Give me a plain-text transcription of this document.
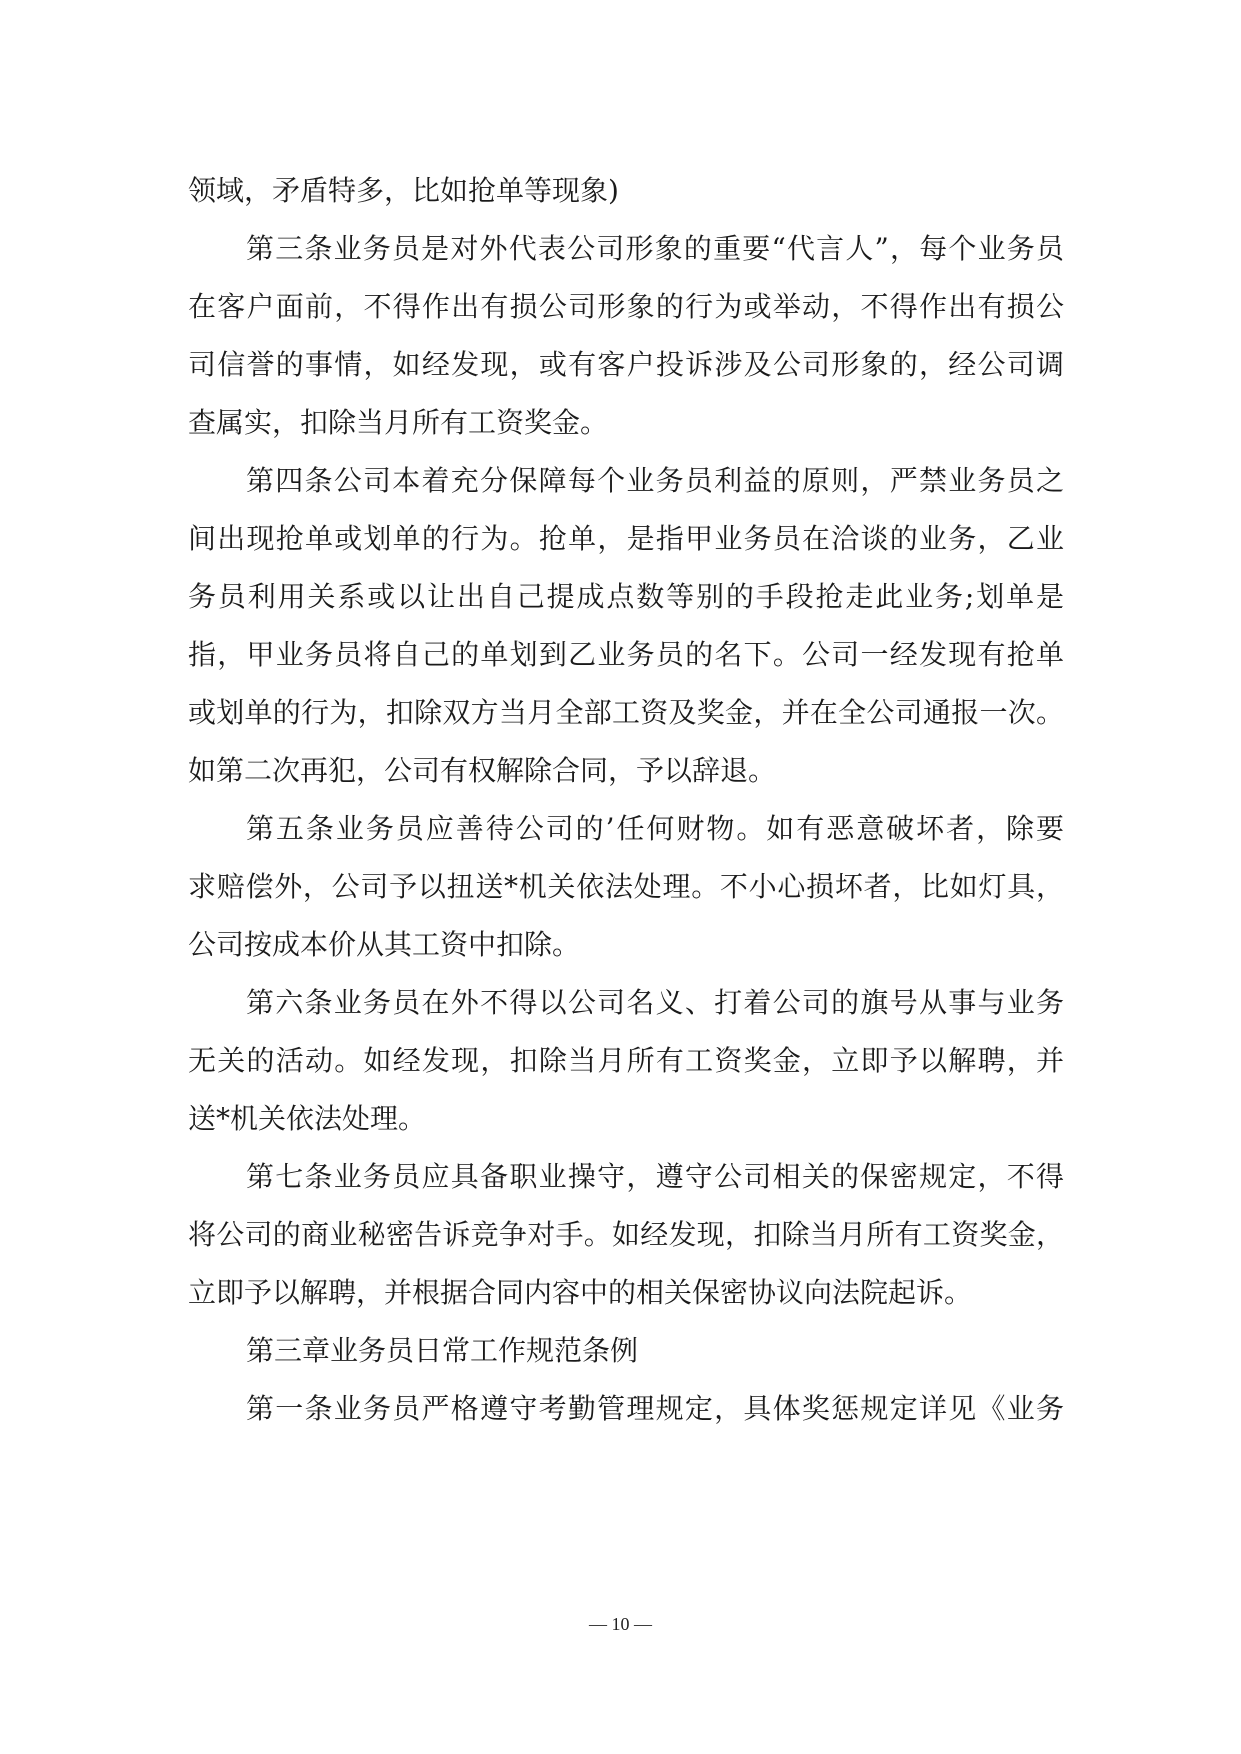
领域，矛盾特多，比如抢单等现象)
第三条业务员是对外代表公司形象的重要“代言人”，每个业务员
在客户面前，不得作出有损公司形象的行为或举动，不得作出有损公
司信誉的事情，如经发现，或有客户投诉涉及公司形象的，经公司调
查属实，扣除当月所有工资奖金。
第四条公司本着充分保障每个业务员利益的原则，严禁业务员之
间出现抢单或划单的行为。抢单，是指甲业务员在洽谈的业务，乙业
务员利用关系或以让出自己提成点数等别的手段抢走此业务;划单是
指，甲业务员将自己的单划到乙业务员的名下。公司一经发现有抢单
或划单的行为，扣除双方当月全部工资及奖金，并在全公司通报一次。
如第二次再犯，公司有权解除合同，予以辞退。
第五条业务员应善待公司的’任何财物。如有恶意破坏者，除要
求赔偿外，公司予以扭送*机关依法处理。不小心损坏者，比如灯具，
公司按成本价从其工资中扣除。
第六条业务员在外不得以公司名义、打着公司的旗号从事与业务
无关的活动。如经发现，扣除当月所有工资奖金，立即予以解聘，并
送*机关依法处理。
第七条业务员应具备职业操守，遵守公司相关的保密规定，不得
将公司的商业秘密告诉竞争对手。如经发现，扣除当月所有工资奖金，
立即予以解聘，并根据合同内容中的相关保密协议向法院起诉。
第三章业务员日常工作规范条例
第一条业务员严格遵守考勤管理规定，具体奖惩规定详见《业务
— 10 —
